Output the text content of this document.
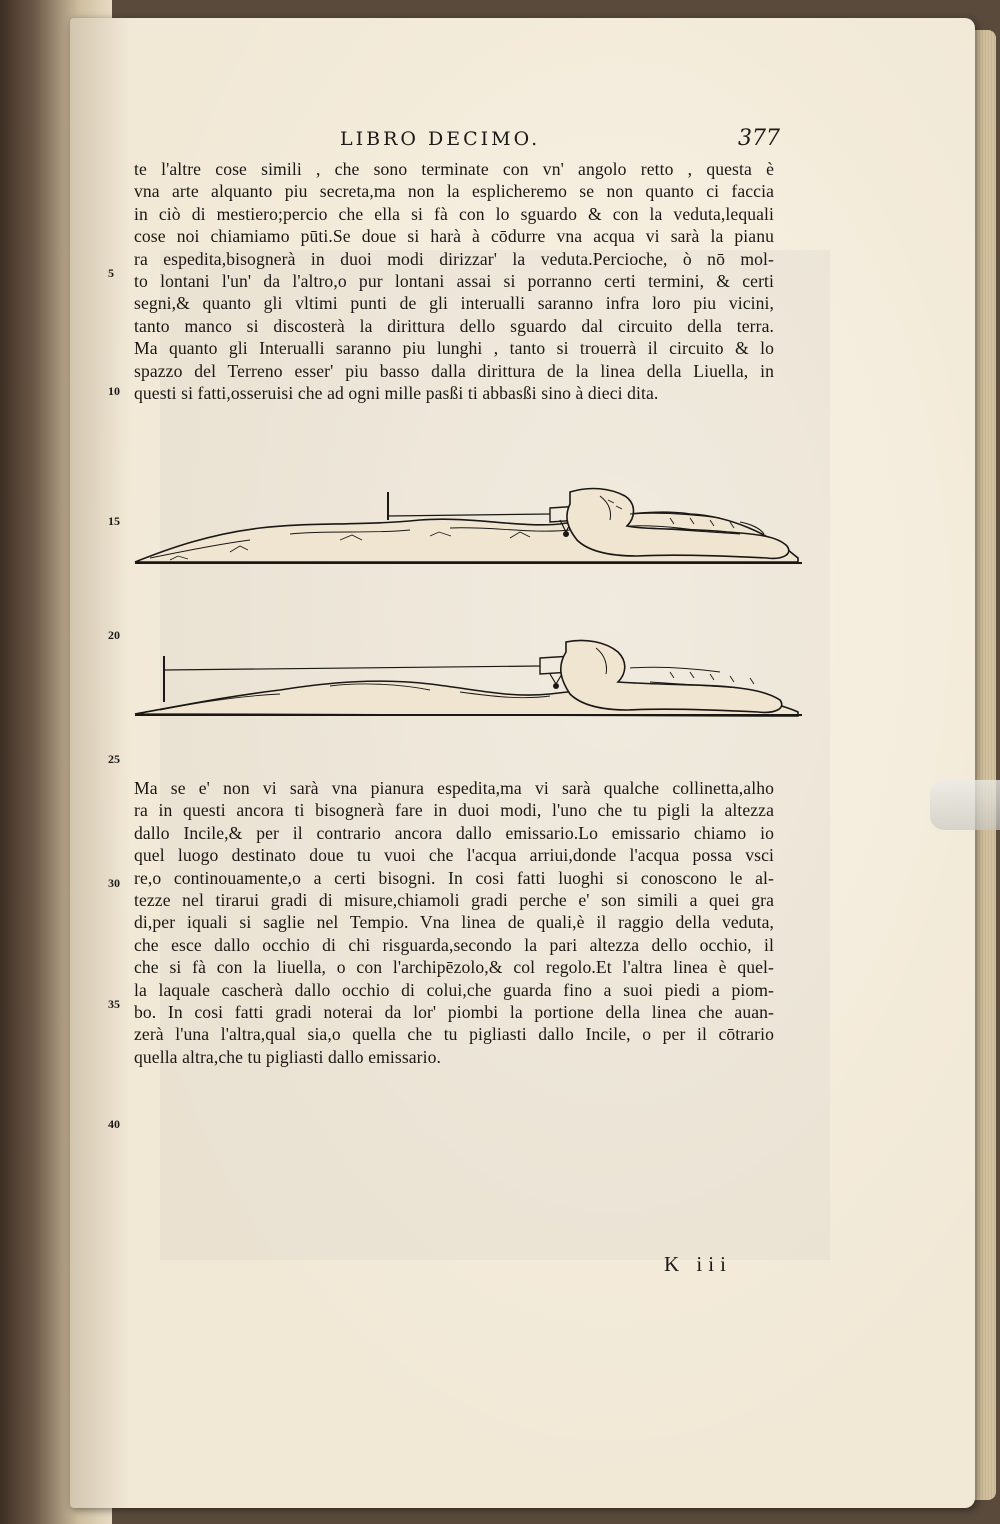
LIBRO DECIMO.	377
te l'altre cose simili , che sono terminate con vn' angolo retto , questa è
vna arte alquanto piu secreta,ma non la esplicheremo se non quanto ci faccia
in ciò di mestiero;percio che ella si fà con lo sguardo & con la veduta,lequali
cose noi chiamiamo pūti.Se doue si harà à cōdurre vna acqua vi sarà la pianu
ra espedita,bisognerà in duoi modi dirizzar' la veduta.Percioche, ò nō mol-
to lontani l'un' da l'altro,o pur lontani assai si porranno certi termini, & certi
segni,& quanto gli vltimi punti de gli interualli saranno infra loro piu vicini,
tanto manco si discosterà la dirittura dello sguardo dal circuito della terra.
Ma quanto gli Interualli saranno piu lunghi , tanto si trouerrà il circuito & lo
spazzo del Terreno esser' piu basso dalla dirittura de la linea della Liuella, in
questi si fatti,osseruisi che ad ogni mille pasßi ti abbasßi sino à dieci dita.
5
10
15
20
25
30
35
40
Ma se e' non vi sarà vna pianura espedita,ma vi sarà qualche collinetta,alho
ra in questi ancora ti bisognerà fare in duoi modi, l'uno che tu pigli la altezza
dallo Incile,& per il contrario ancora dallo emissario.Lo emissario chiamo io
quel luogo destinato doue tu vuoi che l'acqua arriui,donde l'acqua possa vsci
re,o continouamente,o a certi bisogni. In cosi fatti luoghi si conoscono le al-
tezze nel tirarui gradi di misure,chiamoli gradi perche e' son simili a quei gra
di,per iquali si saglie nel Tempio. Vna linea de quali,è il raggio della veduta,
che esce dallo occhio di chi risguarda,secondo la pari altezza dello occhio, il
che si fà con la liuella, o con l'archipēzolo,& col regolo.Et l'altra linea è quel-
la laquale cascherà dallo occhio di colui,che guarda fino a suoi piedi a piom-
bo. In cosi fatti gradi noterai da lor' piombi la portione della linea che auan-
zerà l'una l'altra,qual sia,o quella che tu pigliasti dallo Incile, o per il cōtrario
quella altra,che tu pigliasti dallo emissario.
K iii
